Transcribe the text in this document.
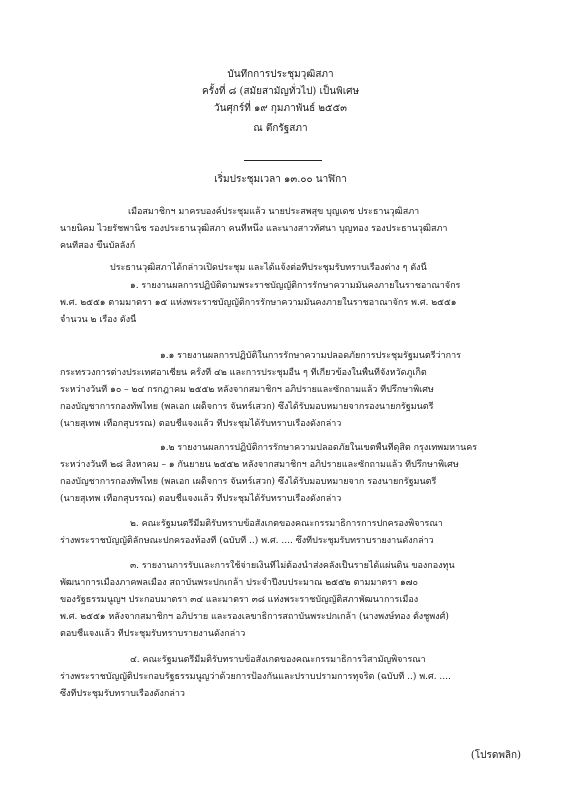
บันทึกการประชุมวุฒิสภา
ครั้งที่ ๘ (สมัยสามัญทั่วไป) เป็นพิเศษ
วันศุกร์ที่ ๑๙ กุมภาพันธ์ ๒๕๕๓
ณ ตึกรัฐสภา
เริ่มประชุมเวลา ๑๓.๐๐ นาฬิกา
เมื่อสมาชิกฯ มาครบองค์ประชุมแล้ว นายประสพสุข บุญเดช ประธานวุฒิสภา
นายนิคม ไวยรัชพานิช รองประธานวุฒิสภา คนที่หนึ่ง และนางสาวทัศนา บุญทอง รองประธานวุฒิสภา
คนที่สอง ขึ้นบัลลังก์
ประธานวุฒิสภาได้กล่าวเปิดประชุม และได้แจ้งต่อที่ประชุมรับทราบเรื่องต่าง ๆ ดังนี้
๑. รายงานผลการปฏิบัติตามพระราชบัญญัติการรักษาความมั่นคงภายในราชอาณาจักร
พ.ศ. ๒๕๕๑ ตามมาตรา ๑๕ แห่งพระราชบัญญัติการรักษาความมั่นคงภายในราชอาณาจักร พ.ศ. ๒๕๕๑
จำนวน ๒ เรื่อง ดังนี้
๑.๑ รายงานผลการปฏิบัติในการรักษาความปลอดภัยการประชุมรัฐมนตรีว่าการ
กระทรวงการต่างประเทศอาเซียน ครั้งที่ ๔๒ และการประชุมอื่น ๆ ที่เกี่ยวข้องในพื้นที่จังหวัดภูเก็ต
ระหว่างวันที่ ๑๐ – ๒๔ กรกฎาคม ๒๕๕๒ หลังจากสมาชิกฯ อภิปรายและซักถามแล้ว ที่ปรึกษาพิเศษ
กองบัญชาการกองทัพไทย (พลเอก เผด็จการ จันทร์เสวก) ซึ่งได้รับมอบหมายจากรองนายกรัฐมนตรี
(นายสุเทพ เทือกสุบรรณ) ตอบชี้แจงแล้ว ที่ประชุมได้รับทราบเรื่องดังกล่าว
๑.๒ รายงานผลการปฏิบัติการรักษาความปลอดภัยในเขตพื้นที่ดุสิต กรุงเทพมหานคร
ระหว่างวันที่ ๒๘ สิงหาคม – ๑ กันยายน ๒๕๕๒ หลังจากสมาชิกฯ อภิปรายและซักถามแล้ว ที่ปรึกษาพิเศษ
กองบัญชาการกองทัพไทย (พลเอก เผด็จการ จันทร์เสวก) ซึ่งได้รับมอบหมายจาก รองนายกรัฐมนตรี
(นายสุเทพ เทือกสุบรรณ) ตอบชี้แจงแล้ว ที่ประชุมได้รับทราบเรื่องดังกล่าว
๒. คณะรัฐมนตรีมีมติรับทราบข้อสังเกตของคณะกรรมาธิการการปกครองพิจารณา
ร่างพระราชบัญญัติลักษณะปกครองท้องที่ (ฉบับที่ ..) พ.ศ. .... ซึ่งที่ประชุมรับทราบรายงานดังกล่าว
๓. รายงานการรับและการใช้จ่ายเงินที่ไม่ต้องนำส่งคลังเป็นรายได้แผ่นดิน ของกองทุน
พัฒนาการเมืองภาคพลเมือง สถาบันพระปกเกล้า ประจำปีงบประมาณ ๒๕๕๒ ตามมาตรา ๑๗๐
ของรัฐธรรมนูญฯ ประกอบมาตรา ๓๔ และมาตรา ๓๘ แห่งพระราชบัญญัติสภาพัฒนาการเมือง
พ.ศ. ๒๕๕๑ หลังจากสมาชิกฯ อภิปราย และรองเลขาธิการสถาบันพระปกเกล้า (นางพงษ์ทอง ตั้งชูพงศ์)
ตอบชี้แจงแล้ว ที่ประชุมรับทราบรายงานดังกล่าว
๔. คณะรัฐมนตรีมีมติรับทราบข้อสังเกตของคณะกรรมาธิการวิสามัญพิจารณา
ร่างพระราชบัญญัติประกอบรัฐธรรมนูญว่าด้วยการป้องกันและปราบปรามการทุจริต (ฉบับที่ ..) พ.ศ. ....
ซึ่งที่ประชุมรับทราบเรื่องดังกล่าว
(โปรดพลิก)
